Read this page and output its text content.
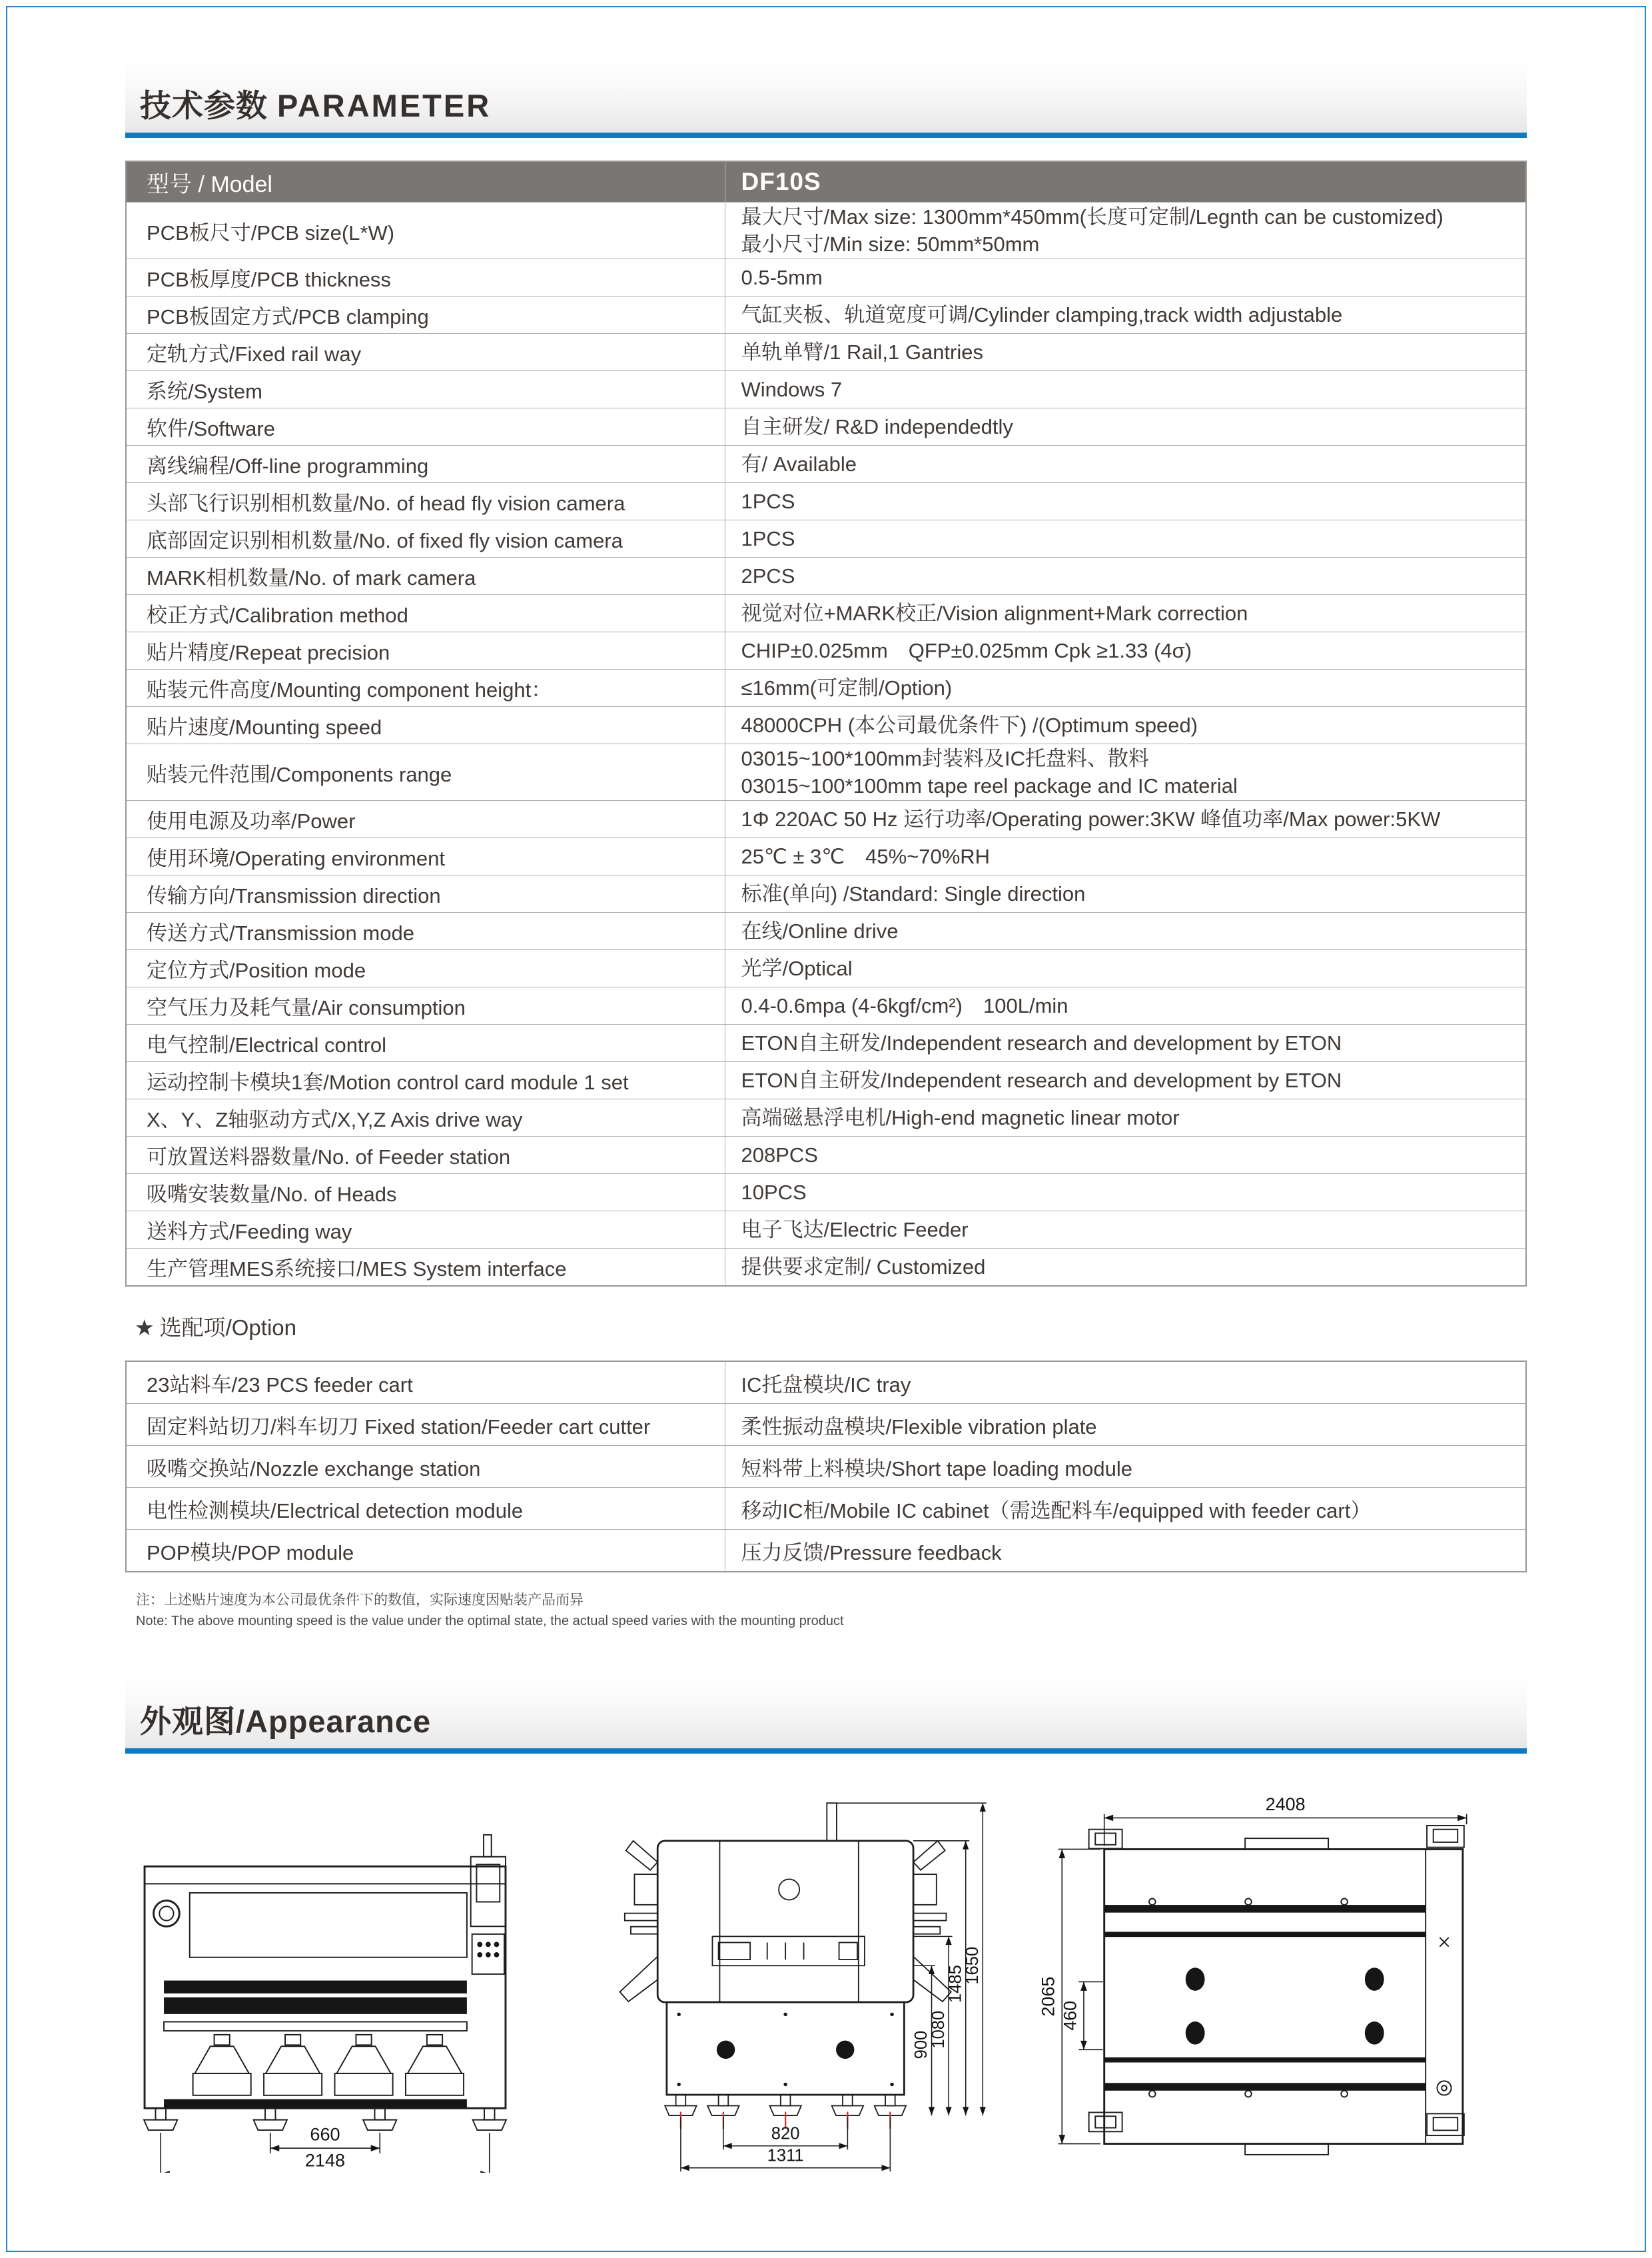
技术参数 PARAMETER
型号 / Model	DF10S
PCB板尺寸/PCB size(L*W)	最大尺寸/Max size: 1300mm*450mm(长度可定制/Legnth can be customized)
最小尺寸/Min size: 50mm*50mm

PCB板厚度/PCB thickness	0.5-5mm

PCB板固定方式/PCB clamping	气缸夹板、轨道宽度可调/Cylinder clamping,track width adjustable

定轨方式/Fixed rail way	单轨单臂/1 Rail,1 Gantries

系统/System	Windows 7

软件/Software	自主研发/ R&D independedtly

离线编程/Off-line programming	有/ Available

头部飞行识别相机数量/No. of head fly vision camera	1PCS

底部固定识别相机数量/No. of fixed fly vision camera	1PCS

MARK相机数量/No. of mark camera	2PCS

校正方式/Calibration method	视觉对位+MARK校正/Vision alignment+Mark correction

贴片精度/Repeat precision	CHIP±0.025mm　QFP±0.025mm Cpk ≥1.33 (4σ)

贴装元件高度/Mounting component height：	≤16mm(可定制/Option)

贴片速度/Mounting speed	48000CPH (本公司最优条件下) /(Optimum speed)

贴装元件范围/Components range	03015~100*100mm封装料及IC托盘料、散料
03015~100*100mm tape reel package and IC material

使用电源及功率/Power	1Φ 220AC 50 Hz 运行功率/Operating power:3KW 峰值功率/Max power:5KW

使用环境/Operating environment	25℃ ± 3℃　45%~70%RH

传输方向/Transmission direction	标准(单向) /Standard: Single direction

传送方式/Transmission mode	在线/Online drive

定位方式/Position mode	光学/Optical

空气压力及耗气量/Air consumption	0.4-0.6mpa (4-6kgf/cm²)　100L/min

电气控制/Electrical control	ETON自主研发/Independent research and development by ETON

运动控制卡模块1套/Motion control card module 1 set	ETON自主研发/Independent research and development by ETON

X、Y、Z轴驱动方式/X,Y,Z Axis drive way	高端磁悬浮电机/High-end magnetic linear motor

可放置送料器数量/No. of Feeder station	208PCS

吸嘴安装数量/No. of Heads	10PCS

送料方式/Feeding way	电子飞达/Electric Feeder

生产管理MES系统接口/MES System interface	提供要求定制/ Customized
★ 选配项/Option
23站料车/23 PCS feeder cart	IC托盘模块/IC tray
固定料站切刀/料车切刀 Fixed station/Feeder cart cutter	柔性振动盘模块/Flexible vibration plate
吸嘴交换站/Nozzle exchange station	短料带上料模块/Short tape loading module
电性检测模块/Electrical detection module	移动IC柜/Mobile IC cabinet（需选配料车/equipped with feeder cart）
POP模块/POP module	压力反馈/Pressure feedback
注：上述贴片速度为本公司最优条件下的数值，实际速度因贴装产品而异
Note: The above mounting speed is the value under the optimal state, the actual speed varies with the mounting product
外观图/Appearance
660
2148
900
1080
1485
1650
820
1311
2408
2065 460
